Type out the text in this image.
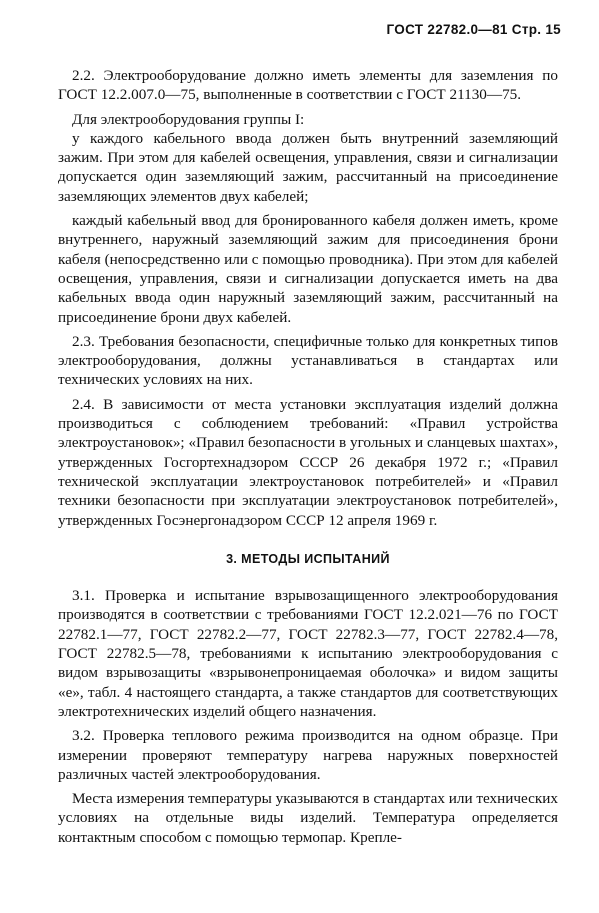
ГОСТ 22782.0—81 Стр. 15

2.2. Электрооборудование должно иметь элементы для заземления по ГОСТ 12.2.007.0—75, выполненные в соответствии с ГОСТ 21130—75.

Для электрооборудования группы I:

у каждого кабельного ввода должен быть внутренний заземляющий зажим. При этом для кабелей освещения, управления, связи и сигнализации допускается один заземляющий зажим, рассчитанный на присоединение заземляющих элементов двух кабелей;

каждый кабельный ввод для бронированного кабеля должен иметь, кроме внутреннего, наружный заземляющий зажим для присоединения брони кабеля (непосредственно или с помощью проводника). При этом для кабелей освещения, управления, связи и сигнализации допускается иметь на два кабельных ввода один наружный заземляющий зажим, рассчитанный на присоединение брони двух кабелей.

2.3. Требования безопасности, специфичные только для конкретных типов электрооборудования, должны устанавливаться в стандартах или технических условиях на них.

2.4. В зависимости от места установки эксплуатация изделий должна производиться с соблюдением требований: «Правил устройства электроустановок»; «Правил безопасности в угольных и сланцевых шахтах», утвержденных Госгортехнадзором СССР 26 декабря 1972 г.; «Правил технической эксплуатации электроустановок потребителей» и «Правил техники безопасности при эксплуатации электроустановок потребителей», утвержденных Госэнергонадзором СССР 12 апреля 1969 г.

3. МЕТОДЫ ИСПЫТАНИЙ

3.1. Проверка и испытание взрывозащищенного электрооборудования производятся в соответствии с требованиями ГОСТ 12.2.021—76 по ГОСТ 22782.1—77, ГОСТ 22782.2—77, ГОСТ 22782.3—77, ГОСТ 22782.4—78, ГОСТ 22782.5—78, требованиями к испытанию электрооборудования с видом взрывозащиты «взрывонепроницаемая оболочка» и видом защиты «е», табл. 4 настоящего стандарта, а также стандартов для соответствующих электротехнических изделий общего назначения.

3.2. Проверка теплового режима производится на одном образце. При измерении проверяют температуру нагрева наружных поверхностей различных частей электрооборудования.

Места измерения температуры указываются в стандартах или технических условиях на отдельные виды изделий. Температура определяется контактным способом с помощью термопар. Крепле-
